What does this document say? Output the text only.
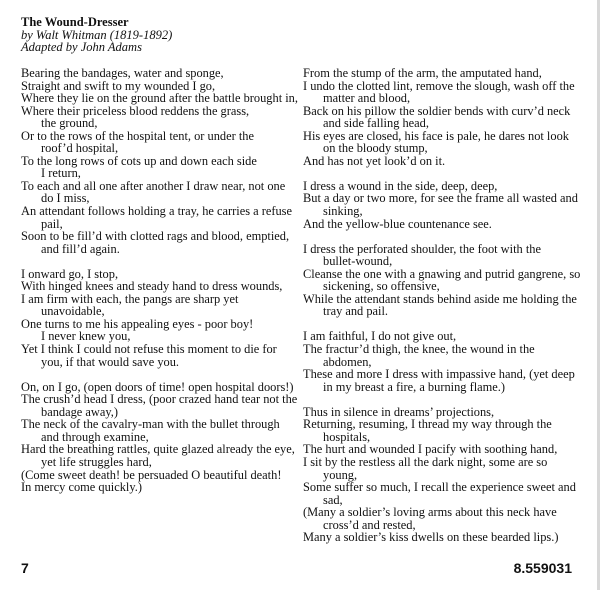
The Wound-Dresser
by Walt Whitman (1819-1892)
Adapted by John Adams
Bearing the bandages, water and sponge,
Straight and swift to my wounded I go,
Where they lie on the ground after the battle brought in,
Where their priceless blood reddens the grass,
the ground,
Or to the rows of the hospital tent, or under the
roof’d hospital,
To the long rows of cots up and down each side
I return,
To each and all one after another I draw near, not one
do I miss,
An attendant follows holding a tray, he carries a refuse
pail,
Soon to be fill’d with clotted rags and blood, emptied,
and fill’d again.
I onward go, I stop,
With hinged knees and steady hand to dress wounds,
I am firm with each, the pangs are sharp yet
unavoidable,
One turns to me his appealing eyes - poor boy!
I never knew you,
Yet I think I could not refuse this moment to die for
you, if that would save you.
On, on I go, (open doors of time! open hospital doors!)
The crush’d head I dress, (poor crazed hand tear not the
bandage away,)
The neck of the cavalry-man with the bullet through
and through examine,
Hard the breathing rattles, quite glazed already the eye,
yet life struggles hard,
(Come sweet death! be persuaded O beautiful death!
In mercy come quickly.)
From the stump of the arm, the amputated hand,
I undo the clotted lint, remove the slough, wash off the
matter and blood,
Back on his pillow the soldier bends with curv’d neck
and side falling head,
His eyes are closed, his face is pale, he dares not look
on the bloody stump,
And has not yet look’d on it.
I dress a wound in the side, deep, deep,
But a day or two more, for see the frame all wasted and
sinking,
And the yellow-blue countenance see.
I dress the perforated shoulder, the foot with the
bullet-wound,
Cleanse the one with a gnawing and putrid gangrene, so
sickening, so offensive,
While the attendant stands behind aside me holding the
tray and pail.
I am faithful, I do not give out,
The fractur’d thigh, the knee, the wound in the
abdomen,
These and more I dress with impassive hand, (yet deep
in my breast a fire, a burning flame.)
Thus in silence in dreams’ projections,
Returning, resuming, I thread my way through the
hospitals,
The hurt and wounded I pacify with soothing hand,
I sit by the restless all the dark night, some are so
young,
Some suffer so much, I recall the experience sweet and
sad,
(Many a soldier’s loving arms about this neck have
cross’d and rested,
Many a soldier’s kiss dwells on these bearded lips.)
7	8.559031
